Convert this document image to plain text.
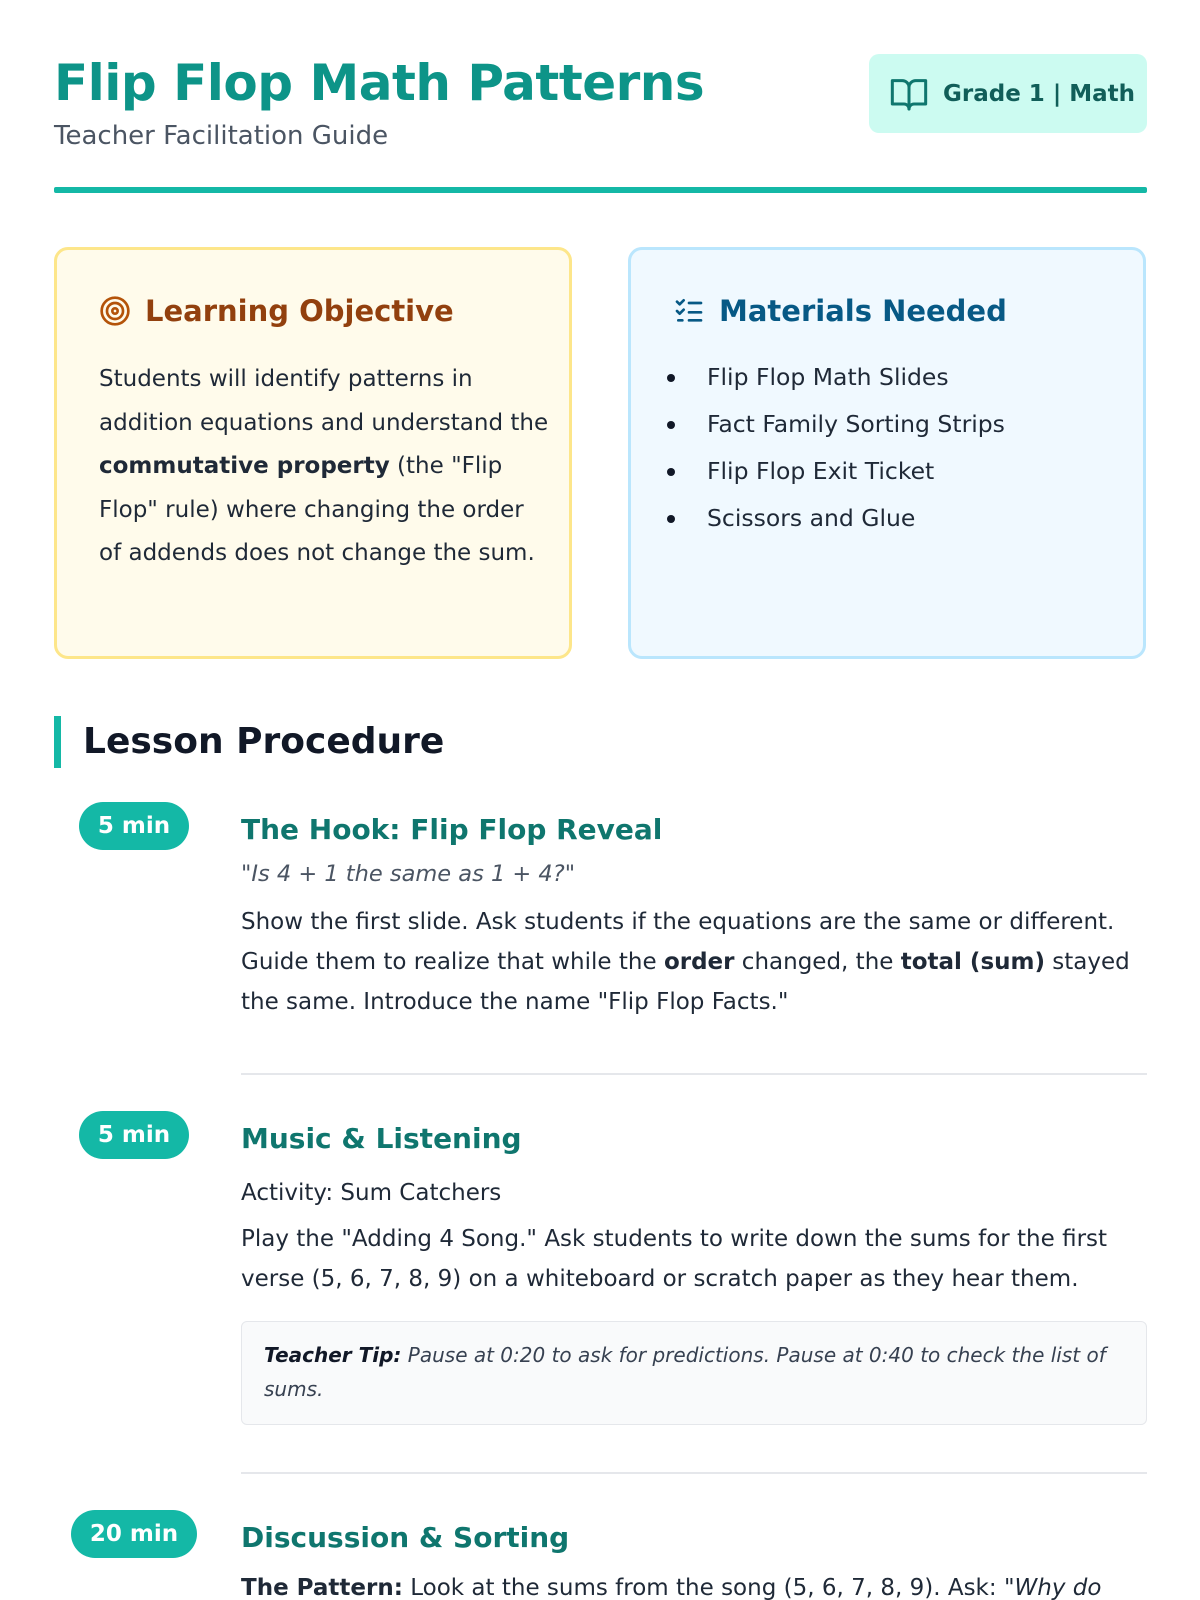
Flip Flop Math Patterns
Teacher Facilitation Guide
Grade 1 | Math
Learning Objective

Students will identify patterns in addition equations and understand the commutative property (the "Flip Flop" rule) where changing the order of addends does not change the sum.

Materials Needed
Flip Flop Math Slides
Fact Family Sorting Strips
Flip Flop Exit Ticket
Scissors and Glue
Lesson Procedure
5 min	The Hook: Flip Flop Reveal

"Is 4 + 1 the same as 1 + 4?"

Show the first slide. Ask students if the equations are the same or different. Guide them to realize that while the order changed, the total (sum) stayed the same. Introduce the name "Flip Flop Facts."

5 min	Music & Listening

Activity: Sum Catchers

Play the "Adding 4 Song." Ask students to write down the sums for the first verse (5, 6, 7, 8, 9) on a whiteboard or scratch paper as they hear them.

Teacher Tip: Pause at 0:20 to ask for predictions. Pause at 0:40 to check the list of sums.
20 min	Discussion & Sorting

The Pattern: Look at the sums from the song (5, 6, 7, 8, 9). Ask: "Why do
